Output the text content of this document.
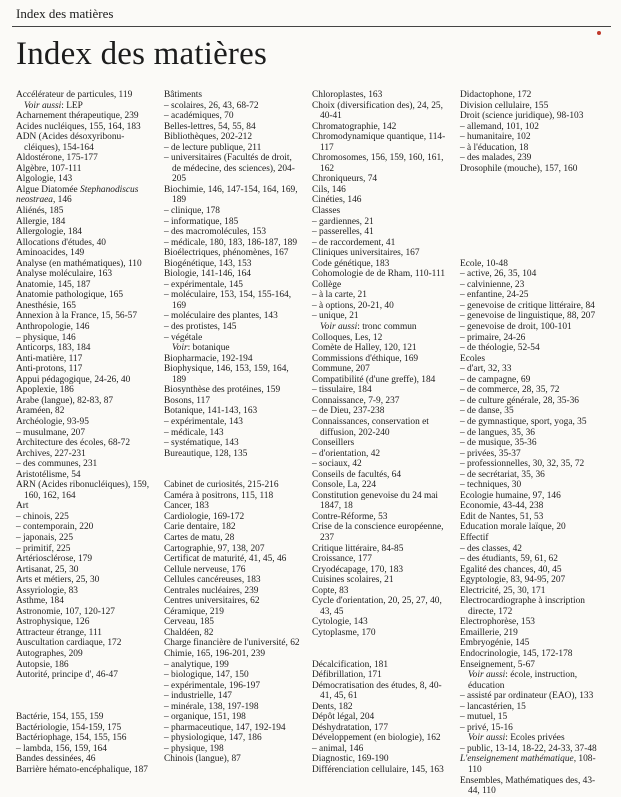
Index des matières
Index des matières
Accélérateur de particules, 119
Voir aussi: LEP
Acharnement thérapeutique, 239
Acides nucléiques, 155, 164, 183
ADN (Acides désoxyribonu-cléiques), 154-164
Aldostérone, 175-177
Algèbre, 107-111
Algologie, 143
Algue Diatomée Stephanodiscus
neostraea, 146
Aliénés, 185
Allergie, 184
Allergologie, 184
Allocations d'études, 40
Aminoacides, 149
Analyse (en mathématiques), 110
Analyse moléculaire, 163
Anatomie, 145, 187
Anatomie pathologique, 165
Anesthésie, 165
Annexion à la France, 15, 56-57
Anthropologie, 146
– physique, 146
Anticorps, 183, 184
Anti-matière, 117
Anti-protons, 117
Appui pédagogique, 24-26, 40
Apoplexie, 186
Arabe (langue), 82-83, 87
Araméen, 82
Archéologie, 93-95
– musulmane, 207
Architecture des écoles, 68-72
Archives, 227-231
– des communes, 231
Aristotélisme, 54
ARN (Acides ribonucléiques), 159, 160, 162, 164
Art
– chinois, 225
– contemporain, 220
– japonais, 225
– primitif, 225
Artériosclérose, 179
Artisanat, 25, 30
Arts et métiers, 25, 30
Assyriologie, 83
Asthme, 184
Astronomie, 107, 120-127
Astrophysique, 126
Attracteur étrange, 111
Auscultation cardiaque, 172
Autographes, 209
Autopsie, 186
Autorité, principe d', 46-47
Bactérie, 154, 155, 159
Bactériologie, 154-159, 175
Bactériophage, 154, 155, 156
– lambda, 156, 159, 164
Bandes dessinées, 46
Barrière hémato-encéphalique, 187
Bâtiments
– scolaires, 26, 43, 68-72
– académiques, 70
Belles-lettres, 54, 55, 84
Bibliothèques, 202-212
– de lecture publique, 211
– universitaires (Facultés de droit, de médecine, des sciences), 204-205
Biochimie, 146, 147-154, 164, 169, 189
– clinique, 178
– informatique, 185
– des macromolécules, 153
– médicale, 180, 183, 186-187, 189
Bioélectriques, phénomènes, 167
Biogénétique, 143, 153
Biologie, 141-146, 164
– expérimentale, 145
– moléculaire, 153, 154, 155-164, 169
– moléculaire des plantes, 143
– des protistes, 145
– végétale
Voir: botanique
Biopharmacie, 192-194
Biophysique, 146, 153, 159, 164, 189
Biosynthèse des protéines, 159
Bosons, 117
Botanique, 141-143, 163
– expérimentale, 143
– médicale, 143
– systématique, 143
Bureautique, 128, 135
Cabinet de curiosités, 215-216
Caméra à positrons, 115, 118
Cancer, 183
Cardiologie, 169-172
Carie dentaire, 182
Cartes de matu, 28
Cartographie, 97, 138, 207
Certificat de maturité, 41, 45, 46
Cellule nerveuse, 176
Cellules cancéreuses, 183
Centrales nucléaires, 239
Centres universitaires, 62
Céramique, 219
Cerveau, 185
Chaldéen, 82
Charge financière de l'université, 62
Chimie, 165, 196-201, 239
– analytique, 199
– biologique, 147, 150
– expérimentale, 196-197
– industrielle, 147
– minérale, 138, 197-198
– organique, 151, 198
– pharmaceutique, 147, 192-194
– physiologique, 147, 186
– physique, 198
Chinois (langue), 87
Chloroplastes, 163
Choix (diversification des), 24, 25, 40-41
Chromatographie, 142
Chromodynamique quantique, 114-117
Chromosomes, 156, 159, 160, 161, 162
Chroniqueurs, 74
Cils, 146
Cinéties, 146
Classes
– gardiennes, 21
– passerelles, 41
– de raccordement, 41
Cliniques universitaires, 167
Code génétique, 183
Cohomologie de de Rham, 110-111
Collège
– à la carte, 21
– à options, 20-21, 40
– unique, 21
Voir aussi: tronc commun
Colloques, Les, 12
Comète de Halley, 120, 121
Commissions d'éthique, 169
Commune, 207
Compatibilité (d'une greffe), 184
– tissulaire, 184
Connaissance, 7-9, 237
– de Dieu, 237-238
Connaissances, conservation et diffusion, 202-240
Conseillers
– d'orientation, 42
– sociaux, 42
Conseils de facultés, 64
Console, La, 224
Constitution genevoise du 24 mai 1847, 18
Contre-Réforme, 53
Crise de la conscience européenne, 237
Critique littéraire, 84-85
Croissance, 177
Cryodécapage, 170, 183
Cuisines scolaires, 21
Copte, 83
Cycle d'orientation, 20, 25, 27, 40, 43, 45
Cytologie, 143
Cytoplasme, 170
Décalcification, 181
Défibrillation, 171
Démocratisation des études, 8, 40-41, 45, 61
Dents, 182
Dépôt légal, 204
Déshydratation, 177
Développement (en biologie), 162
– animal, 146
Diagnostic, 169-190
Différenciation cellulaire, 145, 163
Didactophone, 172
Division cellulaire, 155
Droit (science juridique), 98-103
– allemand, 101, 102
– humanitaire, 102
– à l'éducation, 18
– des malades, 239
Drosophile (mouche), 157, 160
Ecole, 10-48
– active, 26, 35, 104
– calvinienne, 23
– enfantine, 24-25
– genevoise de critique littéraire, 84
– genevoise de linguistique, 88, 207
– genevoise de droit, 100-101
– primaire, 24-26
– de théologie, 52-54
Ecoles
– d'art, 32, 33
– de campagne, 69
– de commerce, 28, 35, 72
– de culture générale, 28, 35-36
– de danse, 35
– de gymnastique, sport, yoga, 35
– de langues, 35, 36
– de musique, 35-36
– privées, 35-37
– professionnelles, 30, 32, 35, 72
– de secrétariat, 35, 36
– techniques, 30
Ecologie humaine, 97, 146
Economie, 43-44, 238
Edit de Nantes, 51, 53
Education morale laïque, 20
Effectif
– des classes, 42
– des étudiants, 59, 61, 62
Egalité des chances, 40, 45
Egyptologie, 83, 94-95, 207
Electricité, 25, 30, 171
Electrocardiographe à inscription directe, 172
Electrophorèse, 153
Emaillerie, 219
Embryogénie, 145
Endocrinologie, 145, 172-178
Enseignement, 5-67
Voir aussi: école, instruction, éducation
– assisté par ordinateur (EAO), 133
– lancastérien, 15
– mutuel, 15
– privé, 15-16
Voir aussi: Ecoles privées
– public, 13-14, 18-22, 24-33, 37-48
L'enseignement mathématique, 108-110
Ensembles, Mathématiques des, 43-44, 110
